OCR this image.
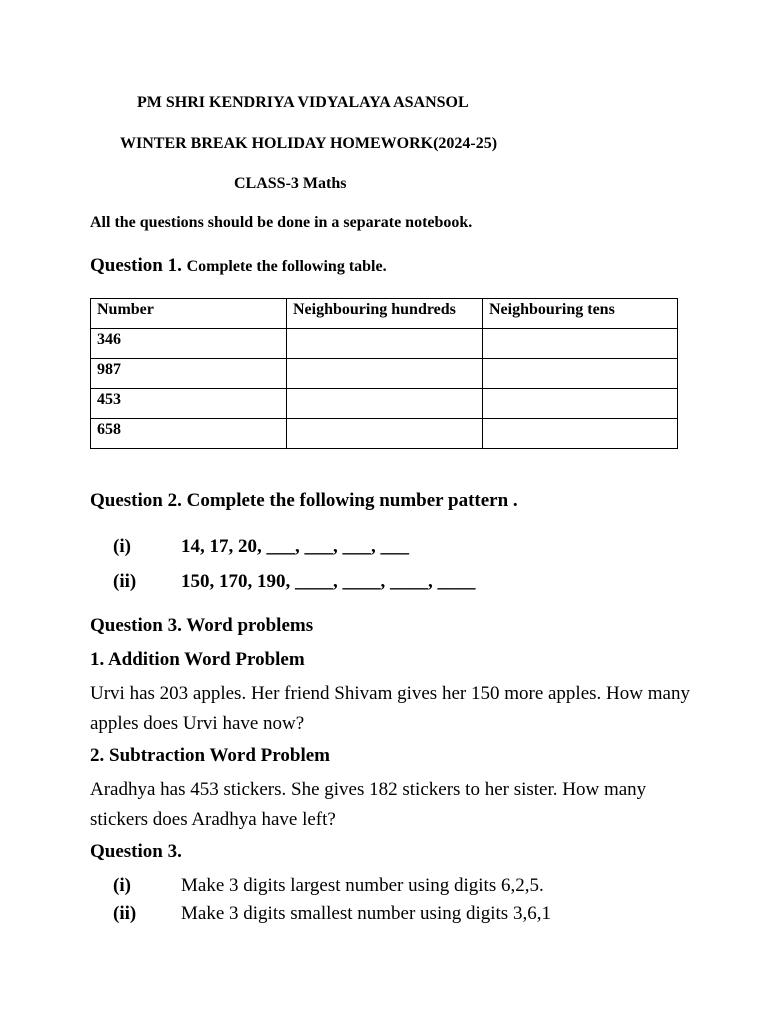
PM SHRI KENDRIYA VIDYALAYA ASANSOL
WINTER BREAK HOLIDAY HOMEWORK(2024-25)
CLASS-3 Maths
All the questions should be done in a separate notebook.
Question 1. Complete the following table.
Number	Neighbouring hundreds	Neighbouring tens
346		
987		
453		
658		
Question 2. Complete the following number pattern .
(i)	14, 17, 20, ___, ___, ___, ___
(ii) 150, 170, 190, ____, ____, ____, ____
Question 3. Word problems
1. Addition Word Problem
Urvi has 203 apples. Her friend Shivam gives her 150 more apples. How many apples does Urvi have now?
2. Subtraction Word Problem
Aradhya has 453 stickers. She gives 182 stickers to her sister. How many stickers does Aradhya have left?
Question 3.
(i)	Make 3 digits largest number using digits 6,2,5.
(ii) Make 3 digits smallest number using digits 3,6,1
